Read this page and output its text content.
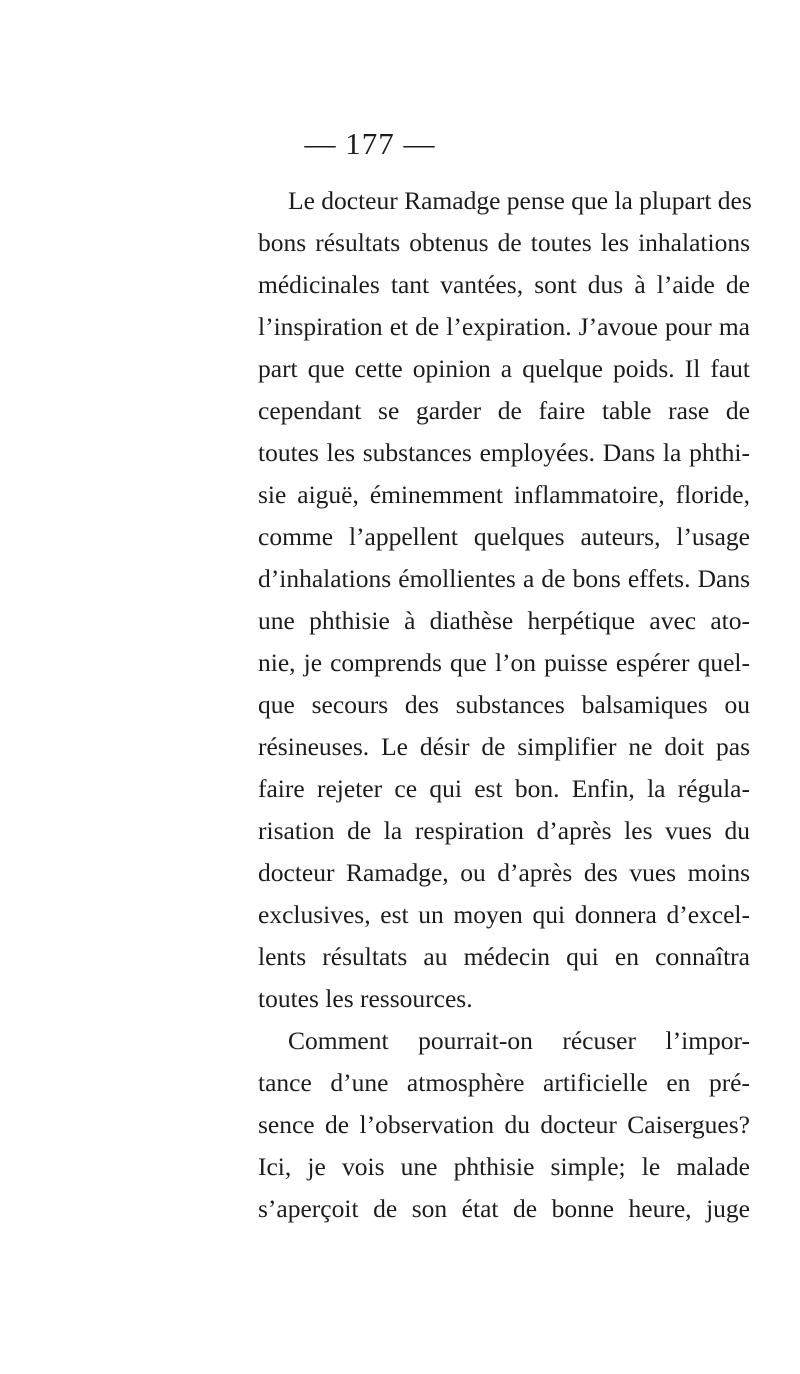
— 177 —
Le docteur Ramadge pense que la plupart des
bons résultats obtenus de toutes les inhalations
médicinales tant vantées, sont dus à l’aide de
l’inspiration et de l’expiration. J’avoue pour ma
part que cette opinion a quelque poids. Il faut
cependant se garder de faire table rase de
toutes les substances employées. Dans la phthi-
sie aiguë, éminemment inflammatoire, floride,
comme l’appellent quelques auteurs, l’usage
d’inhalations émollientes a de bons effets. Dans
une phthisie à diathèse herpétique avec ato-
nie, je comprends que l’on puisse espérer quel-
que secours des substances balsamiques ou
résineuses. Le désir de simplifier ne doit pas
faire rejeter ce qui est bon. Enfin, la régula-
risation de la respiration d’après les vues du
docteur Ramadge, ou d’après des vues moins
exclusives, est un moyen qui donnera d’excel-
lents résultats au médecin qui en connaîtra
toutes les ressources.
Comment pourrait-on récuser l’impor-
tance d’une atmosphère artificielle en pré-
sence de l’observation du docteur Caisergues?
Ici, je vois une phthisie simple; le malade
s’aperçoit de son état de bonne heure, juge
